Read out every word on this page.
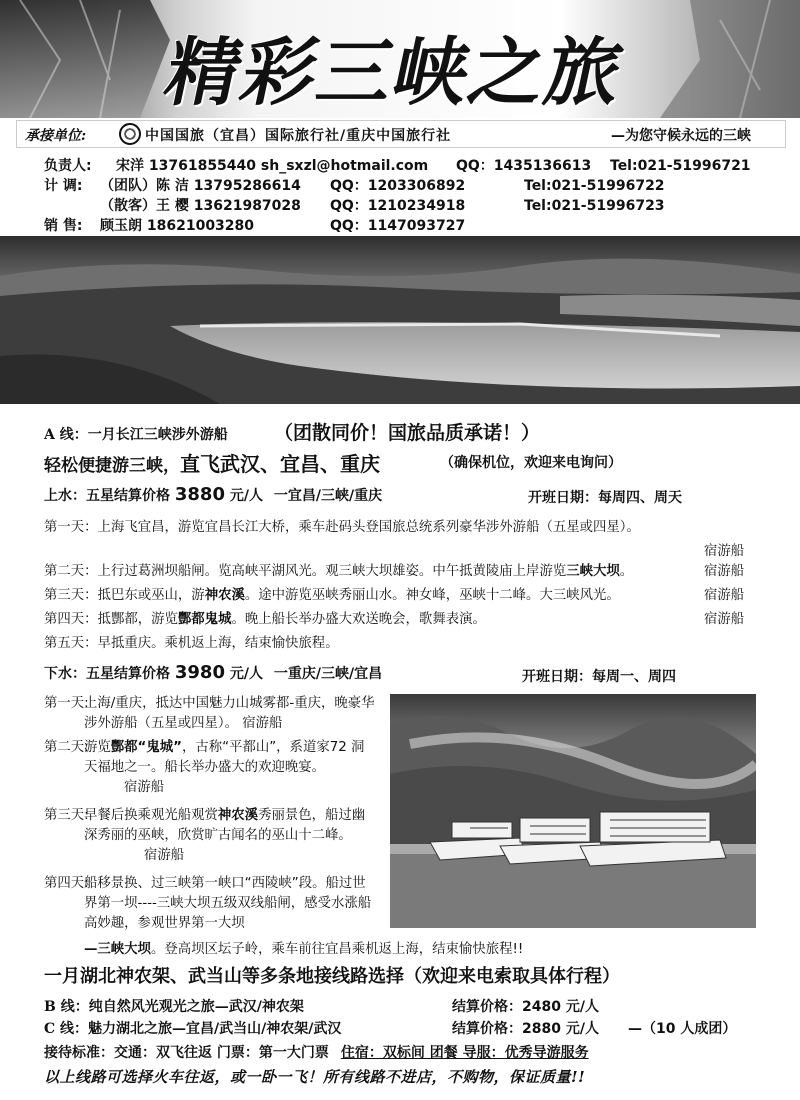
精彩三峡之旅
承接单位:	中国国旅（宜昌）国际旅行社/重庆中国旅行社	—为您守候永远的三峡
负责人: 宋洋 13761855440 sh_sxzl@hotmail.com QQ：1435136613 Tel:021-51996721
计 调: （团队）陈 洁 13795286614 QQ：1203306892	Tel:021-51996722
（散客）王 樱 13621987028 QQ：1210234918	Tel:021-51996723
销 售: 顾玉朗 18621003280	QQ：1147093727
A 线：一月长江三峡涉外游船 （团散同价！国旅品质承诺！）
轻松便捷游三峡，直飞武汉、宜昌、重庆	（确保机位，欢迎来电询问）
上水：五星结算价格 3880 元/人 一宜昌/三峡/重庆	开班日期：每周四、周天
第一天：上海飞宜昌，游览宜昌长江大桥，乘车赴码头登国旅总统系列豪华涉外游船（五星或四星）。
宿游船
第二天：上行过葛洲坝船闸。览高峡平湖风光。观三峡大坝雄姿。中午抵黄陵庙上岸游览三峡大坝。	宿游船
第三天：抵巴东或巫山，游神农溪。途中游览巫峡秀丽山水。神女峰，巫峡十二峰。大三峡风光。	宿游船
第四天：抵酆都，游览酆都鬼城。晚上船长举办盛大欢送晚会，歌舞表演。	宿游船
第五天：早抵重庆。乘机返上海，结束愉快旅程。
下水：五星结算价格 3980 元/人 一重庆/三峡/宜昌	开班日期：每周一、周四
第一天:
上海/重庆，抵达中国魅力山城雾都-重庆，晚豪华涉外游船（五星或四星）。 宿游船
第二天:
游览酆都“鬼城”，古称“平都山”，系道家72 洞天福地之一。船长举办盛大的欢迎晚宴。宿游船
第三天:
早餐后换乘观光船观赏神农溪秀丽景色，船过幽深秀丽的巫峡，欣赏旷古闻名的巫山十二峰。宿游船
第四天:
船移景换、过三峡第一峡口“西陵峡”段。船过世界第一坝----三峡大坝五级双线船闸，感受水涨船高妙趣，参观世界第一大坝
—三峡大坝。登高坝区坛子岭，乘车前往宜昌乘机返上海，结束愉快旅程!!
一月湖北神农架、武当山等多条地接线路选择（欢迎来电索取具体行程）
B 线：纯自然风光观光之旅—武汉/神农架	结算价格：2480 元/人
C 线：魅力湖北之旅—宜昌/武当山/神农架/武汉	结算价格：2880 元/人 —（10 人成团）
接待标准：交通：双飞往返 门票：第一大门票 住宿：双标间 团餐 导服：优秀导游服务
以上线路可选择火车往返，或一卧一飞！所有线路不进店，不购物，保证质量!!
